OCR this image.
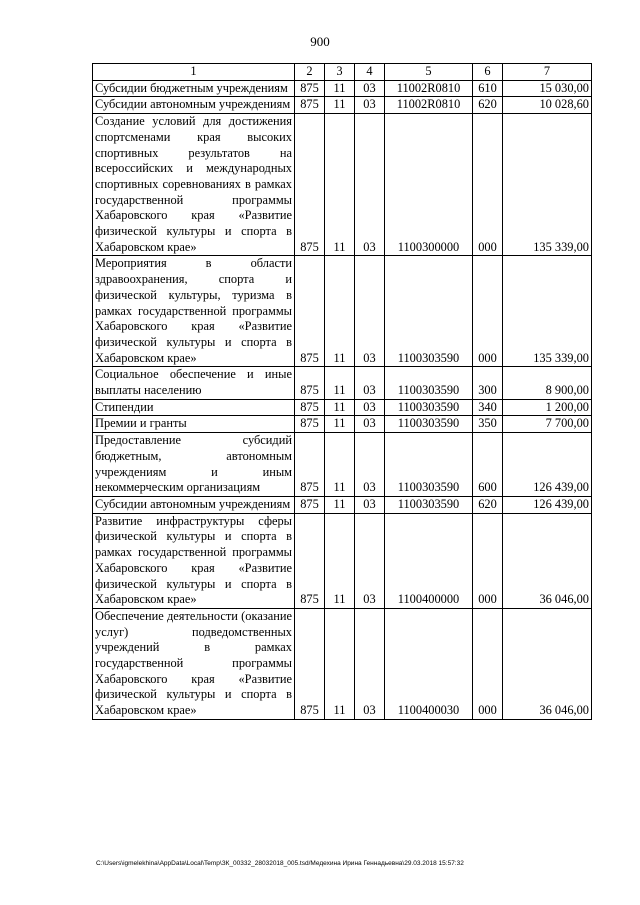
900
1	2	3	4	5	6	7
Субсидии бюджетным учреждениям	875	11	03	11002R0810	610	15 030,00
Субсидии автономным учреждениям	875	11	03	11002R0810	620	10 028,60
Создание условий для достижения спортсменами края высоких спортивных результатов на всероссийских и международных спортивных соревнованиях в рамках государственной программы Хабаровского края «Развитие физической культуры и спорта в Хабаровском крае»	875	11	03	1100300000	000	135 339,00
Мероприятия в области здравоохранения, спорта и физической культуры, туризма в рамках государственной программы Хабаровского края «Развитие физической культуры и спорта в Хабаровском крае»	875	11	03	1100303590	000	135 339,00
Социальное обеспечение и иные выплаты населению	875	11	03	1100303590	300	8 900,00
Стипендии	875	11	03	1100303590	340	1 200,00
Премии и гранты	875	11	03	1100303590	350	7 700,00
Предоставление субсидий бюджетным, автономным учреждениям и иным некоммерческим организациям	875	11	03	1100303590	600	126 439,00
Субсидии автономным учреждениям	875	11	03	1100303590	620	126 439,00
Развитие инфраструктуры сферы физической культуры и спорта в рамках государственной программы Хабаровского края «Развитие физической культуры и спорта в Хабаровском крае»	875	11	03	1100400000	000	36 046,00
Обеспечение деятельности (оказание услуг) подведомственных учреждений в рамках государственной программы Хабаровского края «Развитие физической культуры и спорта в Хабаровском крае»	875	11	03	1100400030	000	36 046,00
C:\Users\igmelekhina\AppData\Local\Temp\ЗК_00332_28032018_005.tsd/Медехина Ирина Геннадьевна\29.03.2018 15:57:32
